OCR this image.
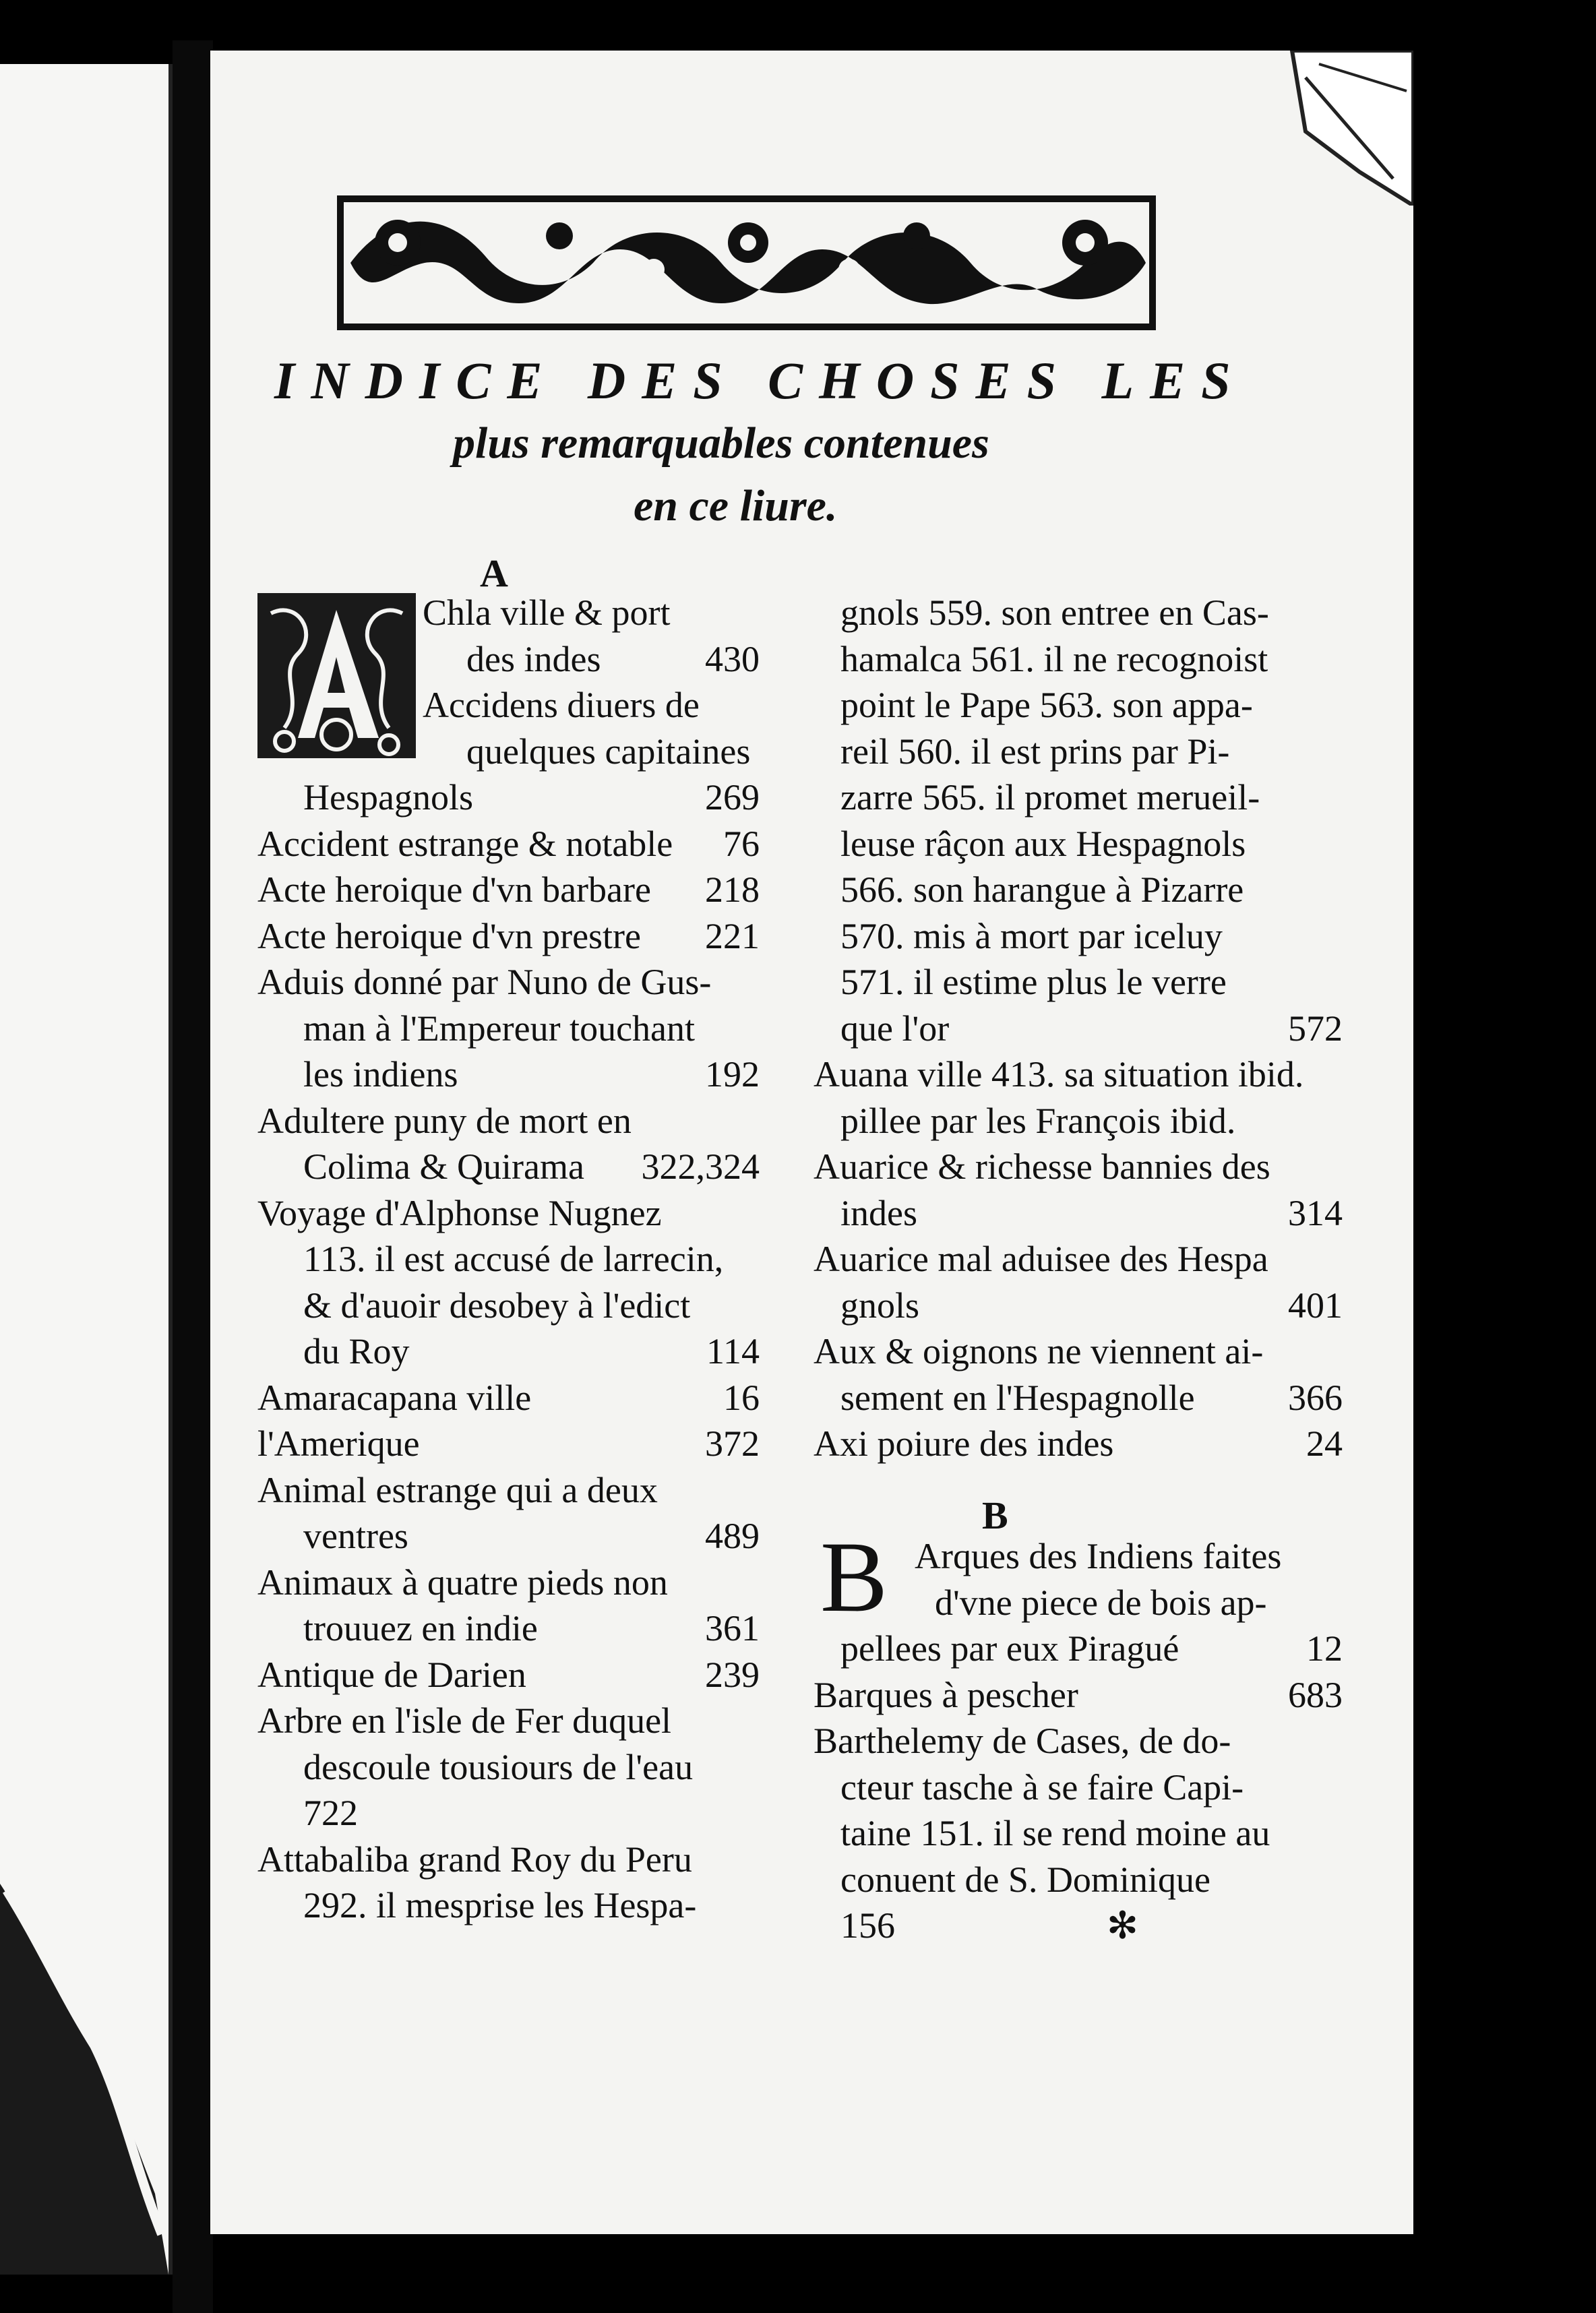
INDICE DES CHOSES LES
plus remarquables contenues
en ce liure.
A
Chla ville & port
des indes	430
Accidens diuers de
quelques capitaines
Hespagnols	269
Accident estrange & notable 76
Acte heroique d'vn barbare 218
Acte heroique d'vn prestre 221
Aduis donné par Nuno de Gus-
man à l'Empereur touchant
les indiens	192
Adultere puny de mort en
Colima & Quirama 322,324
Voyage d'Alphonse Nugnez
113. il est accusé de larrecin,
& d'auoir desobey à l'edict
du Roy	114
Amaracapana ville	16
l'Amerique	372
Animal estrange qui a deux
ventres	489
Animaux à quatre pieds non
trouuez en indie	361
Antique de Darien	239
Arbre en l'isle de Fer duquel
descoule tousiours de l'eau
722
Attabaliba grand Roy du Peru
292. il mesprise les Hespa-
gnols 559. son entree en Cas-
hamalca 561. il ne recognoist
point le Pape 563. son appa-
reil 560. il est prins par Pi-
zarre 565. il promet merueil-
leuse râçon aux Hespagnols
566. son harangue à Pizarre
570. mis à mort par iceluy
571. il estime plus le verre
que l'or	572
Auana ville 413. sa situation ibid.
pillee par les François ibid.
Auarice & richesse bannies des
indes	314
Auarice mal aduisee des Hespa
gnols	401
Aux & oignons ne viennent ai-
sement en l'Hespagnolle	366
Axi poiure des indes	24
Arques des Indiens faites
d'vne piece de bois ap-
pellees par eux Piragué	12
Barques à pescher	683
Barthelemy de Cases, de do-
cteur tasche à se faire Capi-
taine 151. il se rend moine au
conuent de S. Dominique
156
B
B
✻
